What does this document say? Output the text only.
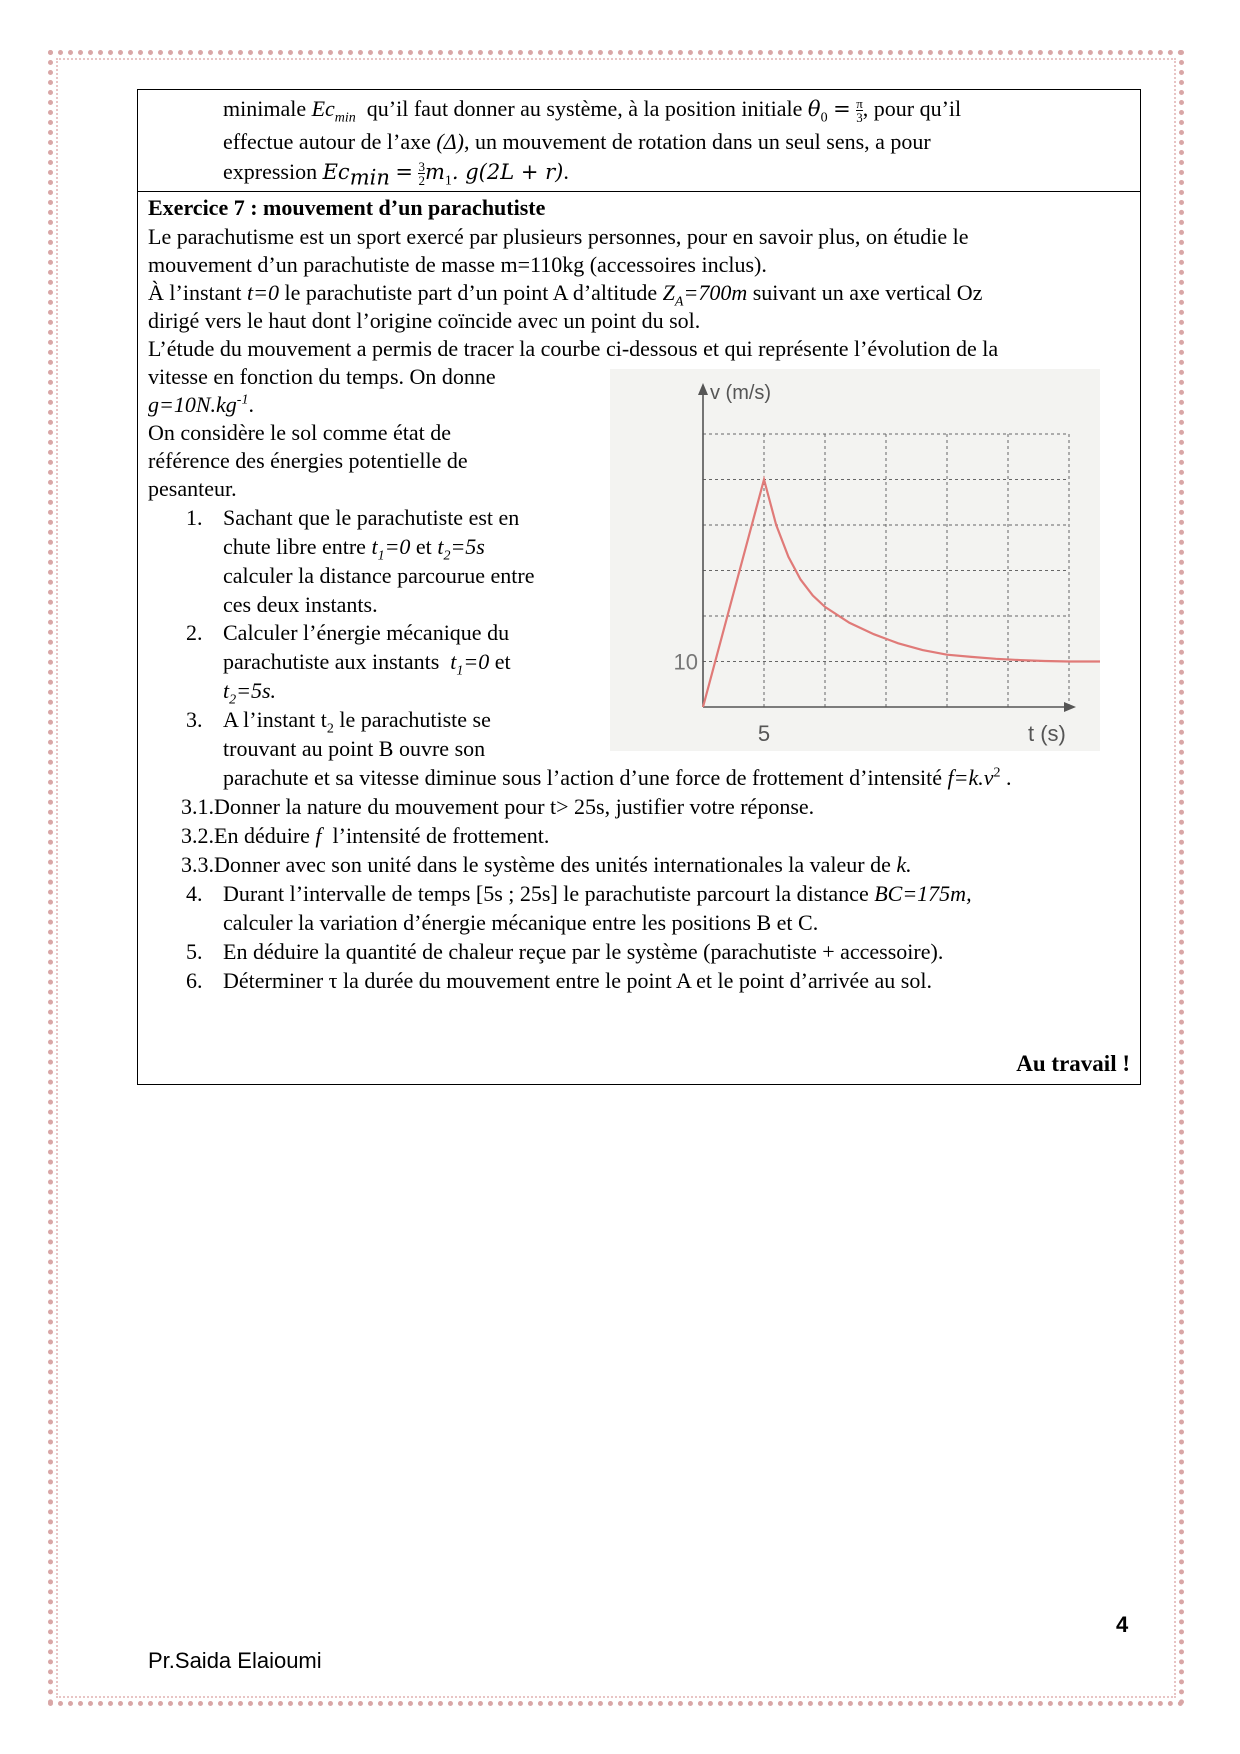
minimale $Ec_{min}$ qu’il faut donner au système, à la position initiale $\theta_0 = \frac{\pi}{3}$ , pour qu’il
effectue autour de l’axe (Δ), un mouvement de rotation dans un seul sens, a pour
expression $Ec_{min} = \frac{3}{2} m_1$. g(2L + r).
Exercice 7 : mouvement d’un parachutiste
Le parachutisme est un sport exercé par plusieurs personnes, pour en savoir plus, on étudie le
mouvement d’un parachutiste de masse m=110kg (accessoires inclus).
À l’instant t=0 le parachutiste part d’un point A d’altitude $Z_A=700m$ suivant un axe vertical Oz
dirigé vers le haut dont l’origine coïncide avec un point du sol.
L’étude du mouvement a permis de tracer la courbe ci-dessous et qui représente l’évolution de la
vitesse en fonction du temps. On donne
$g=10N.kg^{-1}$.
On considère le sol comme état de
référence des énergies potentielle de
pesanteur.
1. Sachant que le parachutiste est en
chute libre entre $t_1=0$ et $t_2=5s$
calculer la distance parcourue entre
ces deux instants.
2. Calculer l’énergie mécanique du
parachutiste aux instants $t_1=0$ et
$t_2=5s$.
3. A l’instant $t_2$ le parachutiste se
trouvant au point B ouvre son
parachute et sa vitesse diminue sous l’action d’une force de frottement d’intensité $f=k.v^2$ .
3.1.Donner la nature du mouvement pour t> 25s, justifier votre réponse.
3.2.En déduire f l’intensité de frottement.
3.3.Donner avec son unité dans le système des unités internationales la valeur de k.
4. Durant l’intervalle de temps [5s ; 25s] le parachutiste parcourt la distance BC=175m,
calculer la variation d’énergie mécanique entre les positions B et C.
5. En déduire la quantité de chaleur reçue par le système (parachutiste + accessoire).
6. Déterminer τ la durée du mouvement entre le point A et le point d’arrivée au sol.
Au travail !
v (m/s)
t (s)
5
10
4
Pr.Saida Elaioumi
